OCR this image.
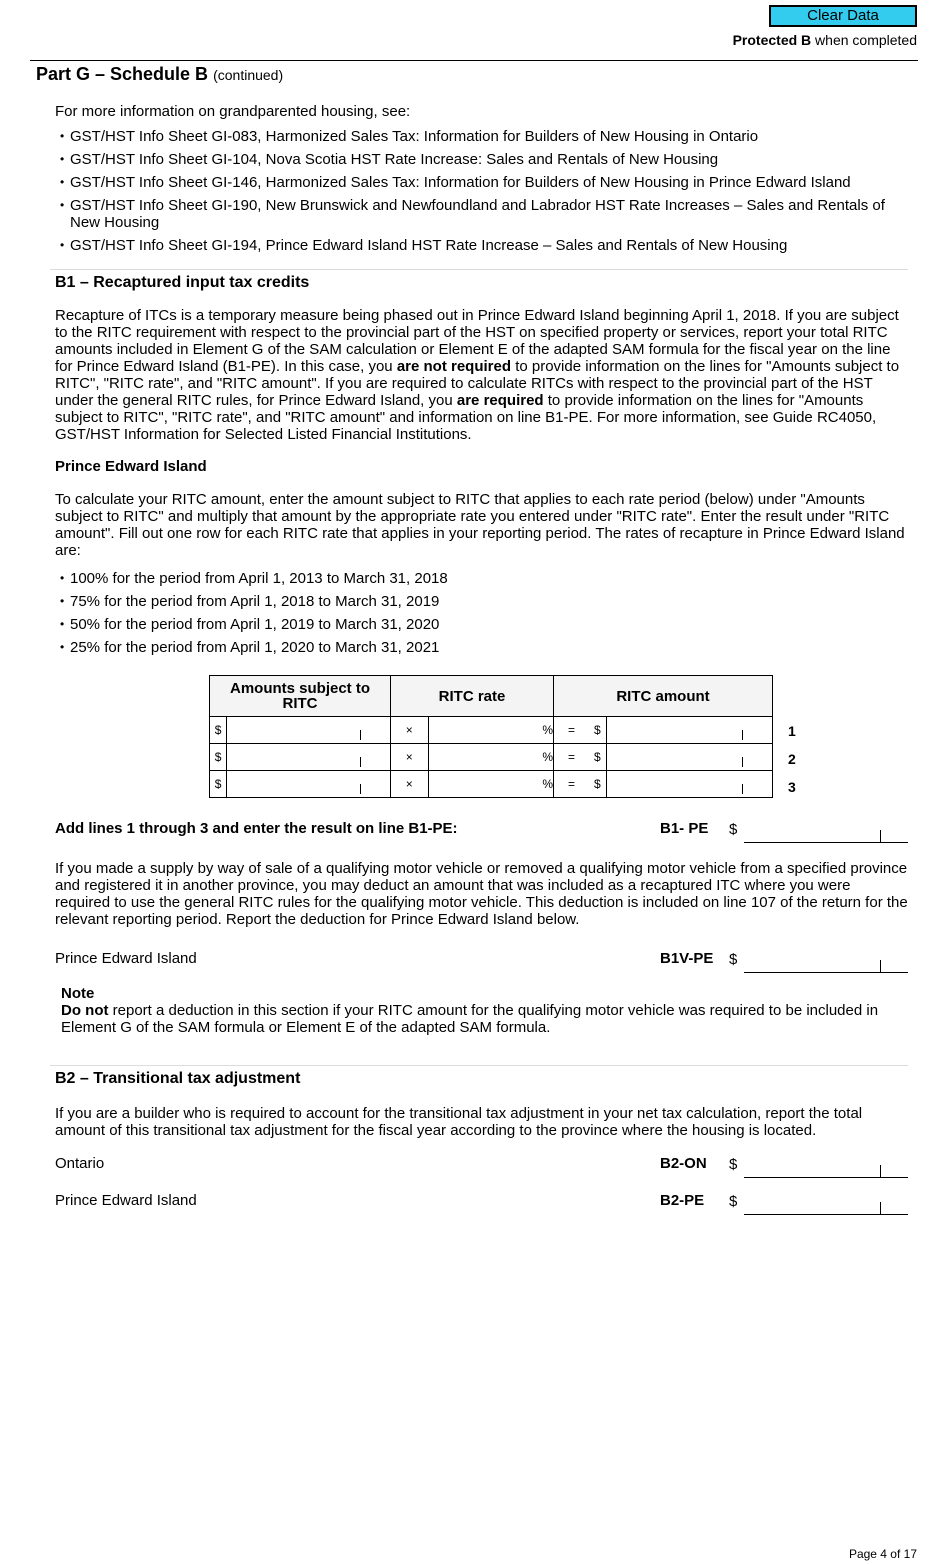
Clear Data
Protected B when completed
Part G – Schedule B (continued)

For more information on grandparented housing, see:

• GST/HST Info Sheet GI-083, Harmonized Sales Tax: Information for Builders of New Housing in Ontario
• GST/HST Info Sheet GI-104, Nova Scotia HST Rate Increase: Sales and Rentals of New Housing
• GST/HST Info Sheet GI-146, Harmonized Sales Tax: Information for Builders of New Housing in Prince Edward Island
• GST/HST Info Sheet GI-190, New Brunswick and Newfoundland and Labrador HST Rate Increases – Sales and Rentals of New Housing
• GST/HST Info Sheet GI-194, Prince Edward Island HST Rate Increase – Sales and Rentals of New Housing
B1 – Recaptured input tax credits

Recapture of ITCs is a temporary measure being phased out in Prince Edward Island beginning April 1, 2018. If you are subject to the RITC requirement with respect to the provincial part of the HST on specified property or services, report your total RITC amounts included in Element G of the SAM calculation or Element E of the adapted SAM formula for the fiscal year on the line for Prince Edward Island (B1-PE). In this case, you are not required to provide information on the lines for "Amounts subject to RITC", "RITC rate", and "RITC amount". If you are required to calculate RITCs with respect to the provincial part of the HST under the general RITC rules, for Prince Edward Island, you are required to provide information on the lines for "Amounts subject to RITC", "RITC rate", and "RITC amount" and information on line B1-PE. For more information, see Guide RC4050, GST/HST Information for Selected Listed Financial Institutions.

Prince Edward Island

To calculate your RITC amount, enter the amount subject to RITC that applies to each rate period (below) under "Amounts subject to RITC" and multiply that amount by the appropriate rate you entered under "RITC rate". Enter the result under "RITC amount". Fill out one row for each RITC rate that applies in your reporting period. The rates of recapture in Prince Edward Island are:

• 100% for the period from April 1, 2013 to March 31, 2018
• 75% for the period from April 1, 2018 to March 31, 2019
• 50% for the period from April 1, 2019 to March 31, 2020
• 25% for the period from April 1, 2020 to March 31, 2021
Amounts subject to RITC		RITC rate		RITC amount		
$		×	%	=	$	

$		×	%	=	$	

$		×	%	=	$	
1
2
3
Add lines 1 through 3 and enter the result on line B1-PE:	B1- PE $

If you made a supply by way of sale of a qualifying motor vehicle or removed a qualifying motor vehicle from a specified province and registered it in another province, you may deduct an amount that was included as a recaptured ITC where you were required to use the general RITC rules for the qualifying motor vehicle. This deduction is included on line 107 of the return for the relevant reporting period. Report the deduction for Prince Edward Island below.

Prince Edward Island	B1V-PE $
Note
Do not report a deduction in this section if your RITC amount for the qualifying motor vehicle was required to be included in Element G of the SAM formula or Element E of the adapted SAM formula.
B2 – Transitional tax adjustment

If you are a builder who is required to account for the transitional tax adjustment in your net tax calculation, report the total amount of this transitional tax adjustment for the fiscal year according to the province where the housing is located.

Ontario	B2-ON $
Prince Edward Island	B2-PE $
Page 4 of 17
